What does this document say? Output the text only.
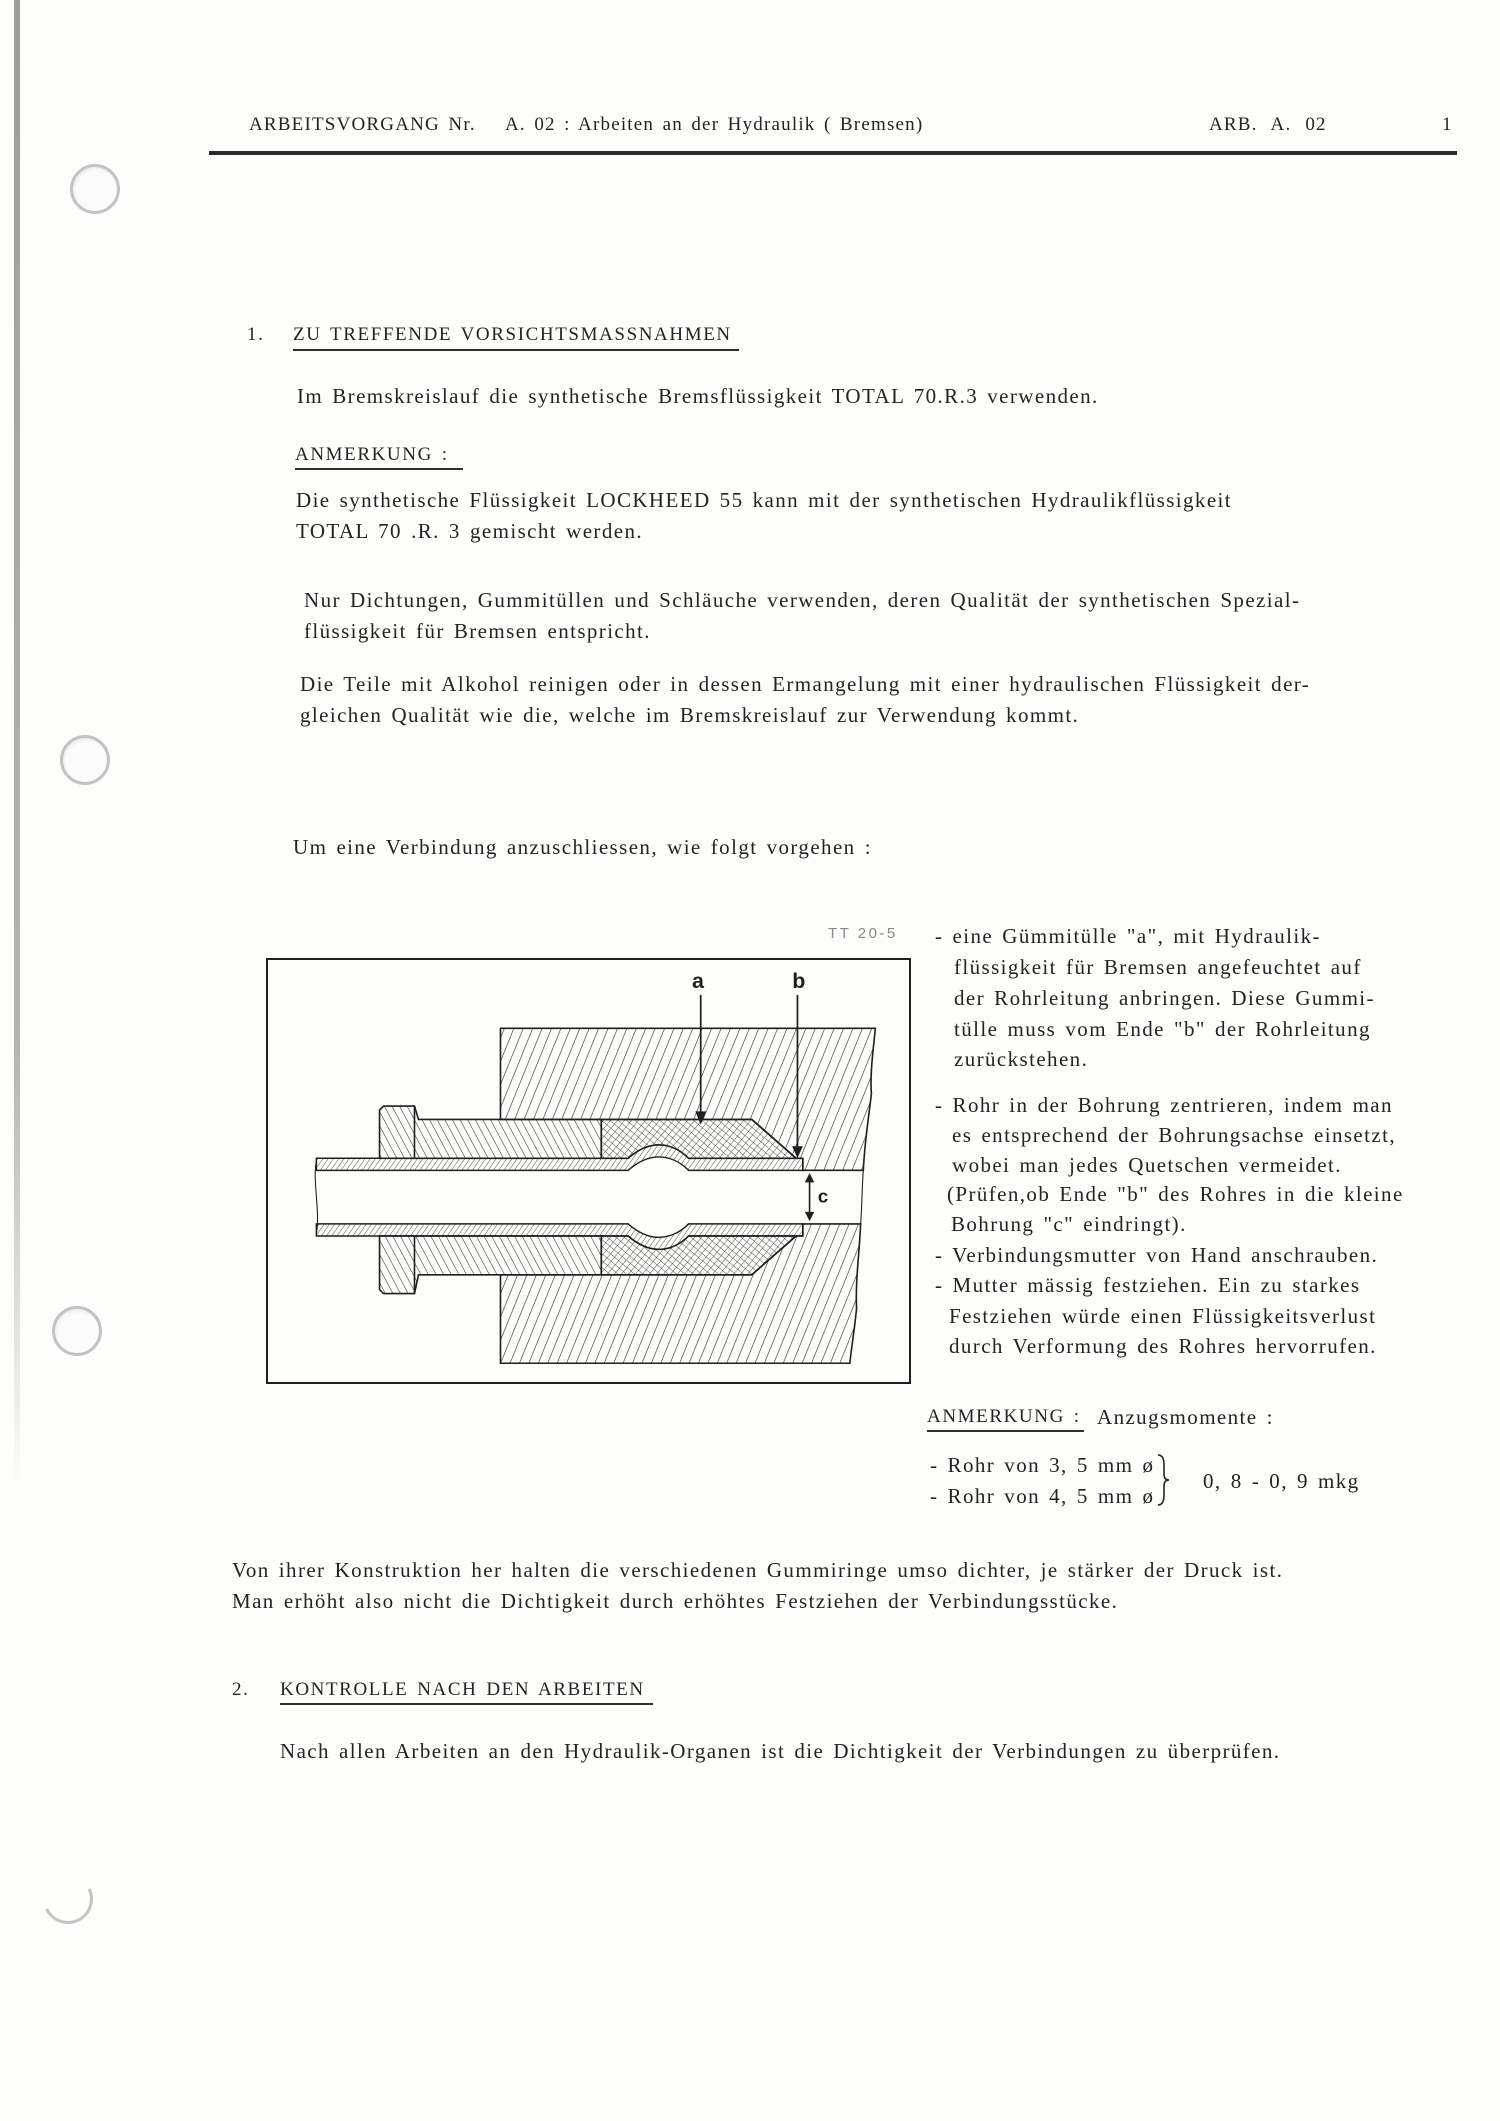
ARBEITSVORGANG Nr. A. 02 : Arbeiten an der Hydraulik ( Bremsen)	ARB. A. 02	1
1. ZU TREFFENDE VORSICHTSMASSNAHMEN
Im Bremskreislauf die synthetische Bremsflüssigkeit TOTAL 70.R.3 verwenden.
ANMERKUNG :
Die synthetische Flüssigkeit LOCKHEED 55 kann mit der synthetischen Hydraulikflüssigkeit
TOTAL 70 .R. 3 gemischt werden.
Nur Dichtungen, Gummitüllen und Schläuche verwenden, deren Qualität der synthetischen Spezial-
flüssigkeit für Bremsen entspricht.
Die Teile mit Alkohol reinigen oder in dessen Ermangelung mit einer hydraulischen Flüssigkeit der-
gleichen Qualität wie die, welche im Bremskreislauf zur Verwendung kommt.
Um eine Verbindung anzuschliessen, wie folgt vorgehen :
TT 20-5
a	b
c
- eine Gümmitülle "a", mit Hydraulik-
flüssigkeit für Bremsen angefeuchtet auf
der Rohrleitung anbringen. Diese Gummi-
tülle muss vom Ende "b" der Rohrleitung
zurückstehen.
- Rohr in der Bohrung zentrieren, indem man
es entsprechend der Bohrungsachse einsetzt,
wobei man jedes Quetschen vermeidet.
(Prüfen,ob Ende "b" des Rohres in die kleine
Bohrung "c" eindringt).
- Verbindungsmutter von Hand anschrauben.
- Mutter mässig festziehen. Ein zu starkes
Festziehen würde einen Flüssigkeitsverlust
durch Verformung des Rohres hervorrufen.
ANMERKUNG : Anzugsmomente :
- Rohr von 3, 5 mm ø
- Rohr von 4, 5 mm ø
0, 8 - 0, 9 mkg
Von ihrer Konstruktion her halten die verschiedenen Gummiringe umso dichter, je stärker der Druck ist.
Man erhöht also nicht die Dichtigkeit durch erhöhtes Festziehen der Verbindungsstücke.
2. KONTROLLE NACH DEN ARBEITEN
Nach allen Arbeiten an den Hydraulik-Organen ist die Dichtigkeit der Verbindungen zu überprüfen.
